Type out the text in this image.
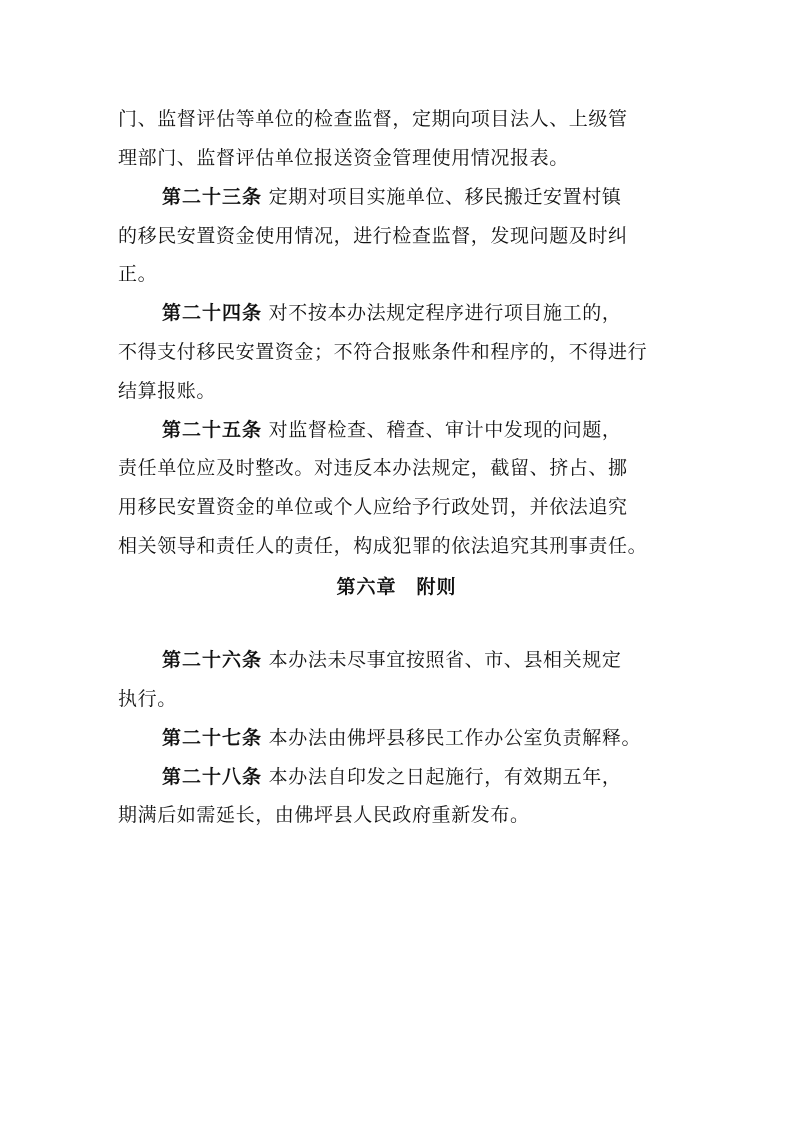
门、监督评估等单位的检查监督，定期向项目法人、上级管
理部门、监督评估单位报送资金管理使用情况报表。
第二十三条 定期对项目实施单位、移民搬迁安置村镇
的移民安置资金使用情况，进行检查监督，发现问题及时纠
正。
第二十四条 对不按本办法规定程序进行项目施工的，
不得支付移民安置资金；不符合报账条件和程序的，不得进行
结算报账。
第二十五条 对监督检查、稽查、审计中发现的问题，
责任单位应及时整改。对违反本办法规定，截留、挤占、挪
用移民安置资金的单位或个人应给予行政处罚，并依法追究
相关领导和责任人的责任，构成犯罪的依法追究其刑事责任。
第六章　附则
第二十六条 本办法未尽事宜按照省、市、县相关规定
执行。
第二十七条 本办法由佛坪县移民工作办公室负责解释。
第二十八条 本办法自印发之日起施行，有效期五年，
期满后如需延长，由佛坪县人民政府重新发布。
